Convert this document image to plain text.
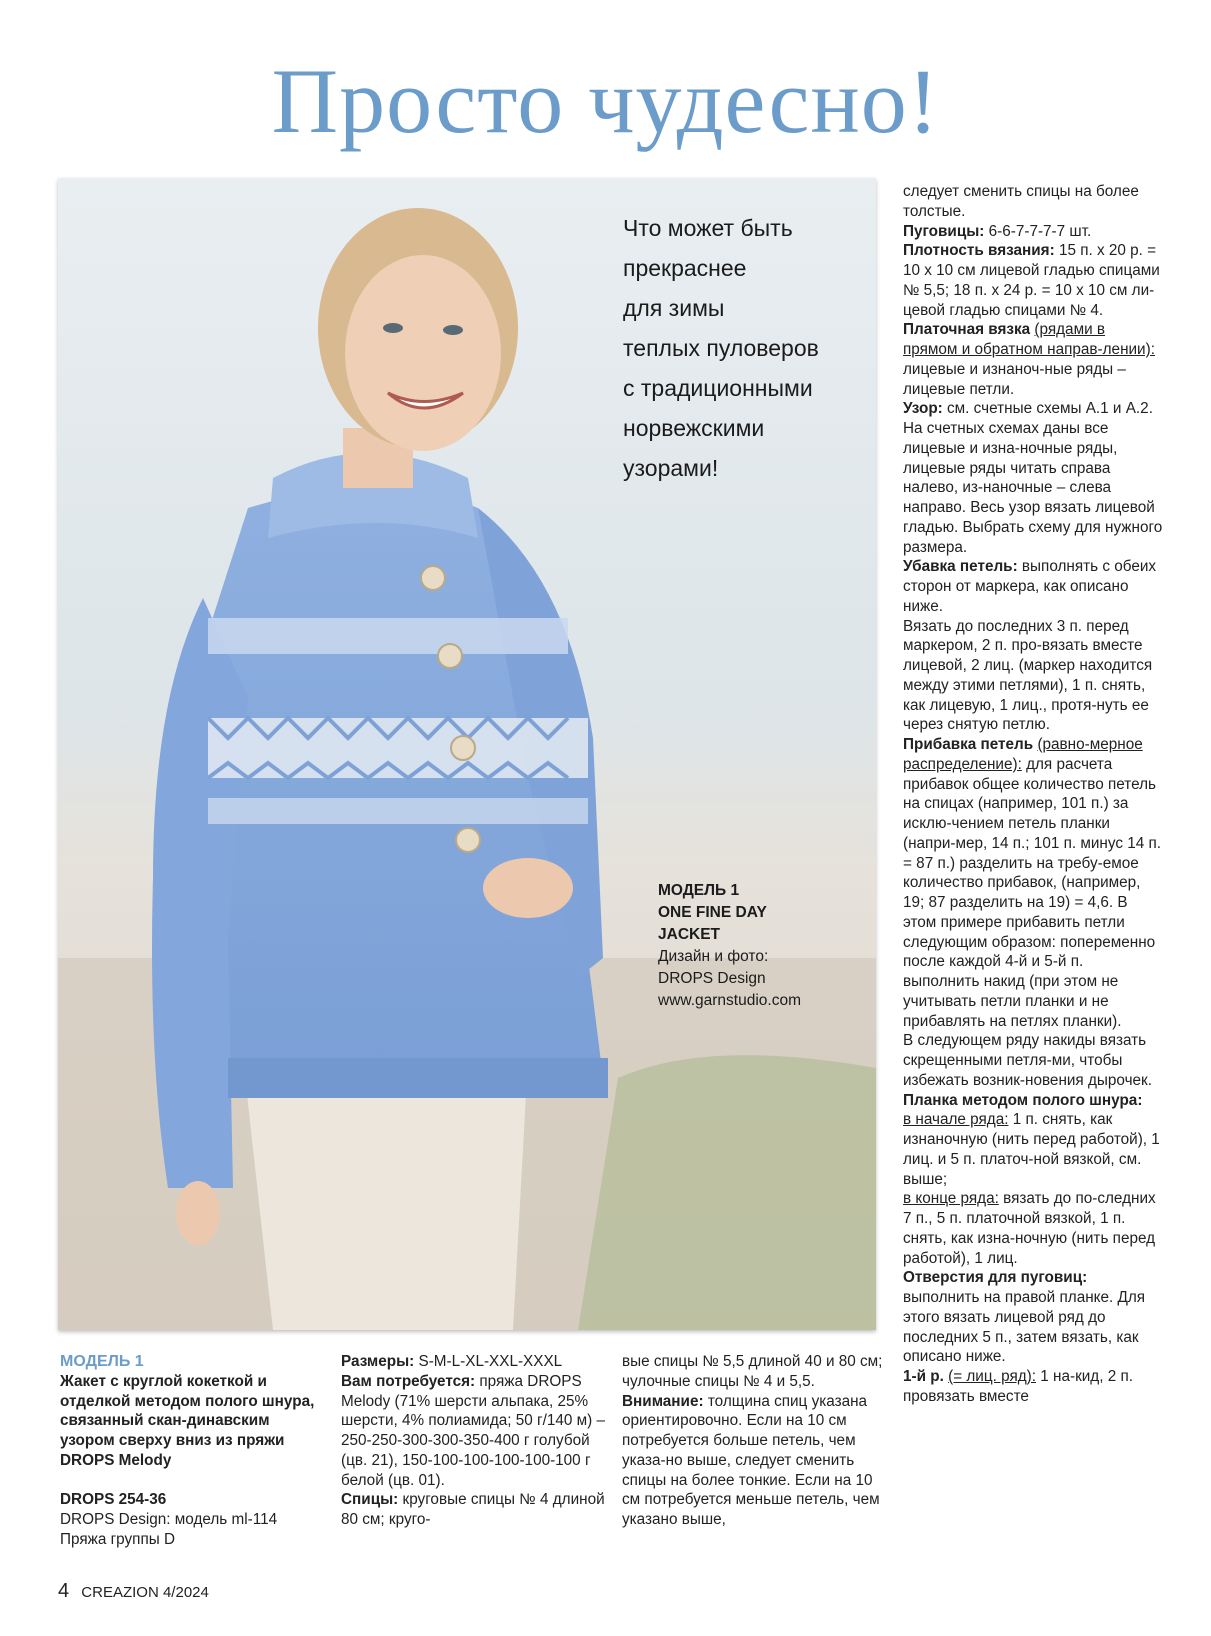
Просто чудесно!
Что может быть
прекраснее
для зимы
теплых пуловеров
с традиционными
норвежскими
узорами!
МОДЕЛЬ 1
ONE FINE DAY
JACKET
Дизайн и фото:
DROPS Design
www.garnstudio.com

следует сменить спицы на более толстые.

Пуговицы: 6-6-7-7-7-7 шт.

Плотность вязания: 15 п. х 20 р. = 10 х 10 см лицевой гладью спицами № 5,5; 18 п. х 24 р. = 10 х 10 см ли-цевой гладью спицами № 4.

Платочная вязка (рядами в прямом и обратном направ-лении): лицевые и изнаноч-ные ряды – лицевые петли.

Узор: см. счетные схемы А.1 и А.2. На счетных схемах даны все лицевые и изна-ночные ряды, лицевые ряды читать справа налево, из-наночные – слева направо. Весь узор вязать лицевой гладью. Выбрать схему для нужного размера.

Убавка петель: выполнять с обеих сторон от маркера, как описано ниже.

Вязать до последних 3 п. перед маркером, 2 п. про-вязать вместе лицевой, 2 лиц. (маркер находится между этими петлями), 1 п. снять, как лицевую, 1 лиц., протя-нуть ее через снятую петлю.

Прибавка петель (равно-мерное распределение): для расчета прибавок общее количество петель на спицах (например, 101 п.) за исклю-чением петель планки (напри-мер, 14 п.; 101 п. минус 14 п. = 87 п.) разделить на требу-емое количество прибавок, (например, 19; 87 разделить на 19) = 4,6. В этом примере прибавить петли следующим образом: попеременно после каждой 4-й и 5-й п. выполнить накид (при этом не учитывать петли планки и не прибавлять на петлях планки).

В следующем ряду накиды вязать скрещенными петля-ми, чтобы избежать возник-новения дырочек.

Планка методом полого шнура:

в начале ряда: 1 п. снять, как изнаночную (нить перед работой), 1 лиц. и 5 п. платоч-ной вязкой, см. выше;

в конце ряда: вязать до по-следних 7 п., 5 п. платочной вязкой, 1 п. снять, как изна-ночную (нить перед работой), 1 лиц.

Отверстия для пуговиц: выполнить на правой планке. Для этого вязать лицевой ряд до последних 5 п., затем вязать, как описано ниже.

1-й р. (= лиц. ряд): 1 на-кид, 2 п. провязать вместе

МОДЕЛЬ 1

Жакет с круглой кокеткой и отделкой методом полого шнура, связанный скан-динавским узором сверху вниз из пряжи DROPS Melody

DROPS 254-36

DROPS Design: модель ml-114

Пряжа группы D

Размеры: S-M-L-XL-XXL-XXXL

Вам потребуется: пряжа DROPS Melody (71% шерсти альпака, 25% шерсти, 4% полиамида; 50 г/140 м) – 250-250-300-300-350-400 г голубой (цв. 21), 150-100-100-100-100-100 г белой (цв. 01).

Спицы: круговые спицы № 4 длиной 80 см; круго-

вые спицы № 5,5 длиной 40 и 80 см; чулочные спицы № 4 и 5,5.

Внимание: толщина спиц указана ориентировочно. Если на 10 см потребуется больше петель, чем указа-но выше, следует сменить спицы на более тонкие. Если на 10 см потребуется меньше петель, чем указано выше,

4 CREAZION 4/2024
